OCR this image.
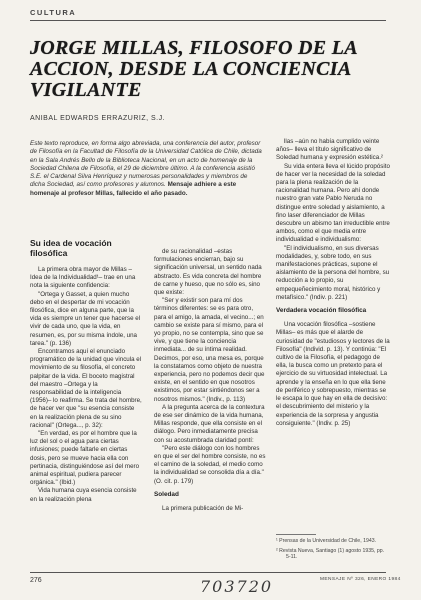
CULTURA
JORGE MILLAS, FILOSOFO DE LA ACCION, DESDE LA CONCIENCIA VIGILANTE
ANIBAL EDWARDS ERRAZURIZ, S.J.
Este texto reproduce, en forma algo abreviada, una conferencia del autor, profesor de Filosofía en la Facultad de Filosofía de la Universidad Católica de Chile, dictada en la Sala Andrés Bello de la Biblioteca Nacional, en un acto de homenaje de la Sociedad Chilena de Filosofía, el 29 de diciembre último. A la conferencia asistió S.E. el Cardenal Silva Henríquez y numerosas personalidades y miembros de dicha Sociedad, así como profesores y alumnos. Mensaje adhiere a este homenaje al profesor Millas, fallecido el año pasado.
Su idea de vocación filosófica

La primera obra mayor de Millas –Idea de la Individualidad¹– trae en una nota la siguiente confidencia:

"Ortega y Gasset, a quien mucho debo en el despertar de mi vocación filosófica, dice en alguna parte, que la vida es siempre un tener que hacerse el vivir de cada uno, que la vida, en resumen, es, por su misma índole, una tarea." (p. 136)

Encontramos aquí el enunciado programático de la unidad que vincula el movimiento de su filosofía, el concreto palpitar de la vida. El boceto magistral del maestro –Ortega y la responsabilidad de la inteligencia (1956)– lo reafirma. Se trata del hombre, de hacer ver que "su esencia consiste en la realización plena de su sino racional" (Ortega..., p. 32):

"En verdad, es por el hombre que la luz del sol o el agua para ciertas infusiones; puede faltarle en ciertas dosis, pero se mueve hacia ella con pertinacia, distinguiéndose así del mero animal espiritual, pudiera parecer orgánica." (Ibid.)

Vida humana cuya esencia consiste en la realización plena

de su racionalidad –estas formulaciones encierran, bajo su significación universal, un sentido nada abstracto. Es vida concreta del hombre de carne y hueso, que no sólo es, sino que existe:

"Ser y existir son para mí dos términos diferentes: se es para otro, para el amigo, la amada, el vecino...; en cambio se existe para sí mismo, para el yo propio, no se contempla, sino que se vive, y que tiene la conciencia inmediata... de su íntima realidad. Decimos, por eso, una mesa es, porque la constatamos como objeto de nuestra experiencia, pero no podemos decir que existe, en el sentido en que nosotros existimos, por estar sintiéndonos ser a nosotros mismos." (Indiv., p. 113)

A la pregunta acerca de la contextura de ese ser dinámico de la vida humana, Millas responde, que ella consiste en el diálogo. Pero inmediatamente precisa con su acostumbrada claridad pontí:

"Pero este diálogo con los hombres en que el ser del hombre consiste, no es el camino de la soledad, el medio como la individualidad se consolida día a día." (O. cit. p. 179)

Soledad

La primera publicación de Mi-

llas –aún no había cumplido veinte años– lleva el título significativo de Soledad humana y expresión estética.²

Su vida entera lleva el lúcido propósito de hacer ver la necesidad de la soledad para la plena realización de la racionalidad humana. Pero ahí donde nuestro gran vate Pablo Neruda no distingue entre soledad y aislamiento, a fino laser diferenciador de Millas descubre un abismo tan irreductible entre ambos, como el que media entre individualidad e individualismo:

"El individualismo, en sus diversas modalidades, y, sobre todo, en sus manifestaciones prácticas, supone el aislamiento de la persona del hombre, su reducción a lo propio, su empequeñecimiento moral, histórico y metafísico." (Indiv. p. 221)

Verdadera vocación filosófica

Una vocación filosófica –sostiene Millas– es más que el alarde de curiosidad de "estudiosos y lectores de la Filosofía" (Individ. p. 13). Y continúa: "El cultivo de la Filosofía, el pedagogo de ella, la busca como un pretexto para el ejercicio de su virtuosidad intelectual. La aprende y la enseña en lo que ella tiene de periférico y sobrepuesto, mientras se le escapa lo que hay en ella de decisivo: el descubrimiento del misterio y la experiencia de la sorpresa y angustia consiguiente." (Indiv. p. 25)

¹ Prensas de la Universidad de Chile, 1943.
² Revista Nueva, Santiago (1) agosto 1935, pp. 5-11.
276	703720	MENSAJE Nº 326, ENERO 1984
